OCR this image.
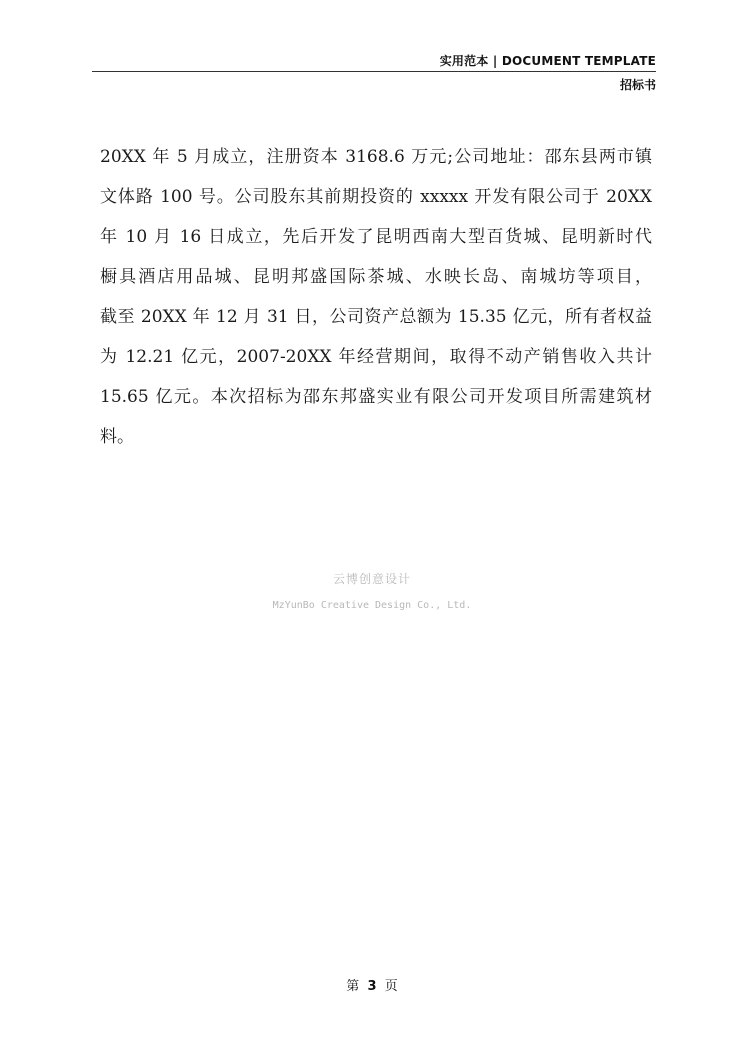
实用范本 | DOCUMENT TEMPLATE
招标书
20XX 年 5 月成立，注册资本 3168.6 万元;公司地址：邵东县两市镇
文体路 100 号。公司股东其前期投资的 xxxxx 开发有限公司于 20XX
年 10 月 16 日成立，先后开发了昆明西南大型百货城、昆明新时代
橱具酒店用品城、昆明邦盛国际茶城、水映长岛、南城坊等项目，
截至 20XX 年 12 月 31 日，公司资产总额为 15.35 亿元，所有者权益
为 12.21 亿元，2007-20XX 年经营期间，取得不动产销售收入共计
15.65 亿元。本次招标为邵东邦盛实业有限公司开发项目所需建筑材
料。
云博创意设计
MzYunBo Creative Design Co., Ltd.
第 3 页
